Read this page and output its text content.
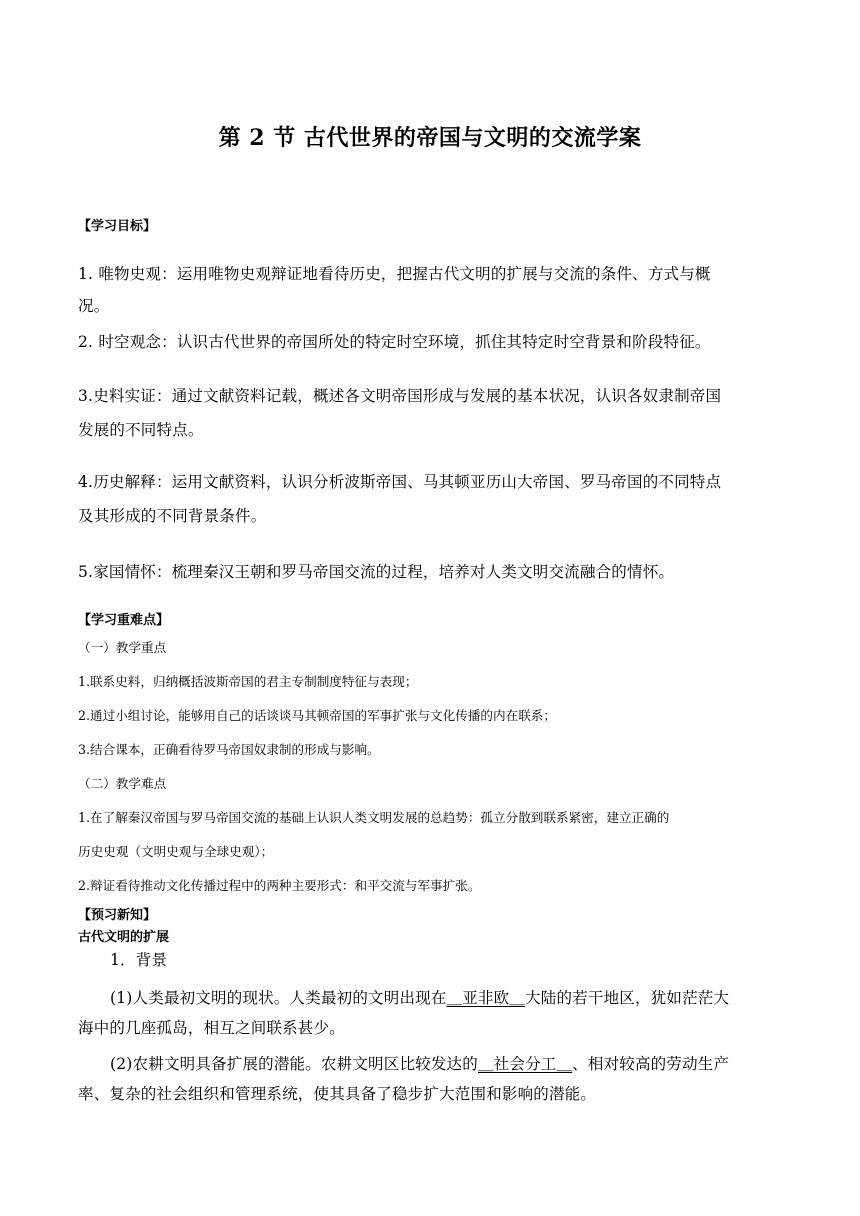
第 2 节 古代世界的帝国与文明的交流学案
【学习目标】
1. 唯物史观：运用唯物史观辩证地看待历史，把握古代文明的扩展与交流的条件、方式与概
况。
2. 时空观念：认识古代世界的帝国所处的特定时空环境，抓住其特定时空背景和阶段特征。
3.史料实证：通过文献资料记载，概述各文明帝国形成与发展的基本状况，认识各奴隶制帝国
发展的不同特点。
4.历史解释：运用文献资料，认识分析波斯帝国、马其顿亚历山大帝国、罗马帝国的不同特点
及其形成的不同背景条件。
5.家国情怀：梳理秦汉王朝和罗马帝国交流的过程，培养对人类文明交流融合的情怀。
【学习重难点】
（一）教学重点
1.联系史料，归纳概括波斯帝国的君主专制制度特征与表现；
2.通过小组讨论，能够用自己的话谈谈马其顿帝国的军事扩张与文化传播的内在联系；
3.结合课本，正确看待罗马帝国奴隶制的形成与影响。
（二）教学难点
1.在了解秦汉帝国与罗马帝国交流的基础上认识人类文明发展的总趋势：孤立分散到联系紧密，建立正确的
历史史观（文明史观与全球史观）；
2.辩证看待推动文化传播过程中的两种主要形式：和平交流与军事扩张。
【预习新知】
古代文明的扩展
1．背景
(1)人类最初文明的现状。人类最初的文明出现在＿亚非欧＿大陆的若干地区，犹如茫茫大
海中的几座孤岛，相互之间联系甚少。
(2)农耕文明具备扩展的潜能。农耕文明区比较发达的＿社会分工＿、相对较高的劳动生产
率、复杂的社会组织和管理系统，使其具备了稳步扩大范围和影响的潜能。
